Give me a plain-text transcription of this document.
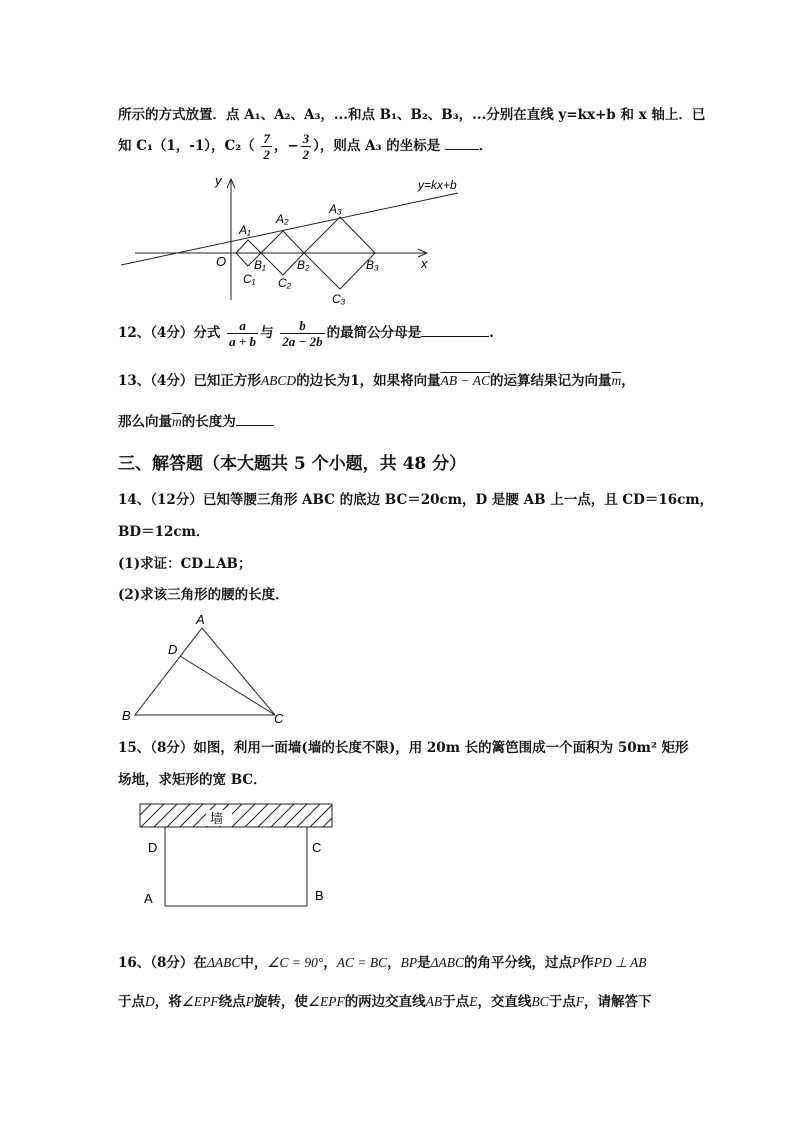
所示的方式放置．点 A₁、A₂、A₃，...和点 B₁、B₂、B₃，...分别在直线 y=kx+b 和 x 轴上．已
知 C₁（1，-1），$C_2( \frac{7}{2}$ ，− $\frac{3}{2}$ ），则点 A₃ 的坐标是	．
y
x
O
y=kx+b
A₁
A₂
A₃
B₁	B₂	B₃
C₁ C₂
C₃
12、（4分）分式 $\frac{a}{a + b}$ 与 $\frac{b}{2a - 2b}$ 的最简公分母是	.
13、（4分）已知正方形ABCD的边长为1，如果将向量AB − AC的运算结果记为向量$\overline{m}$，
那么向量$\overline{m}$的长度为
三、解答题（本大题共 5 个小题，共 48 分）
14、（12分）已知等腰三角形 ABC 的底边 BC＝20cm，D 是腰 AB 上一点，且 CD＝16cm，
BD＝12cm．
(1)求证：CD⊥AB；
(2)求该三角形的腰的长度．
A
D
B	C
15、（8分）如图，利用一面墙(墙的长度不限)，用 20m 长的篱笆围成一个面积为 50m² 矩形
场地，求矩形的宽 BC．
墙
D	C
A	B
16、（8分）在ΔABC中，∠C = 90°，AC = BC，BP是ΔABC的角平分线，过点P作PD ⊥ AB
于点D，将∠EPF绕点P旋转，使∠EPF的两边交直线AB于点E，交直线BC于点F，请解答下
